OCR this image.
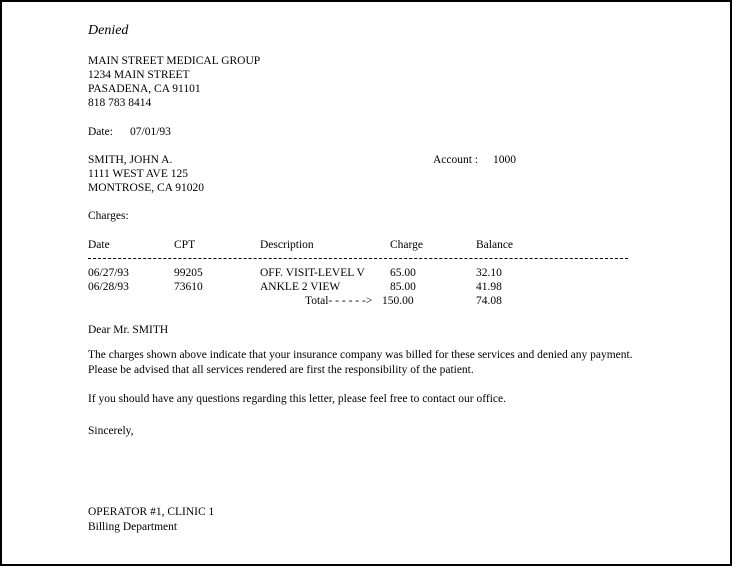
Denied
MAIN STREET MEDICAL GROUP
1234 MAIN STREET
PASADENA, CA 91101
818 783 8414
Date: 07/01/93
SMITH, JOHN A.
1111 WEST AVE 125
MONTROSE, CA 91020
Account : 1000
Charges:
Date	CPT	Description	Charge	Balance
06/27/93	99205	OFF. VISIT-LEVEL V 65.00	32.10
06/28/93	73610	ANKLE 2 VIEW	85.00	41.98
Total- - - - - -> 150.00	74.08
Dear Mr. SMITH
The charges shown above indicate that your insurance company was billed for these services and denied any payment. Please be advised that all services rendered are first the responsibility of the patient.
If you should have any questions regarding this letter, please feel free to contact our office.
Sincerely,
OPERATOR #1, CLINIC 1
Billing Department
